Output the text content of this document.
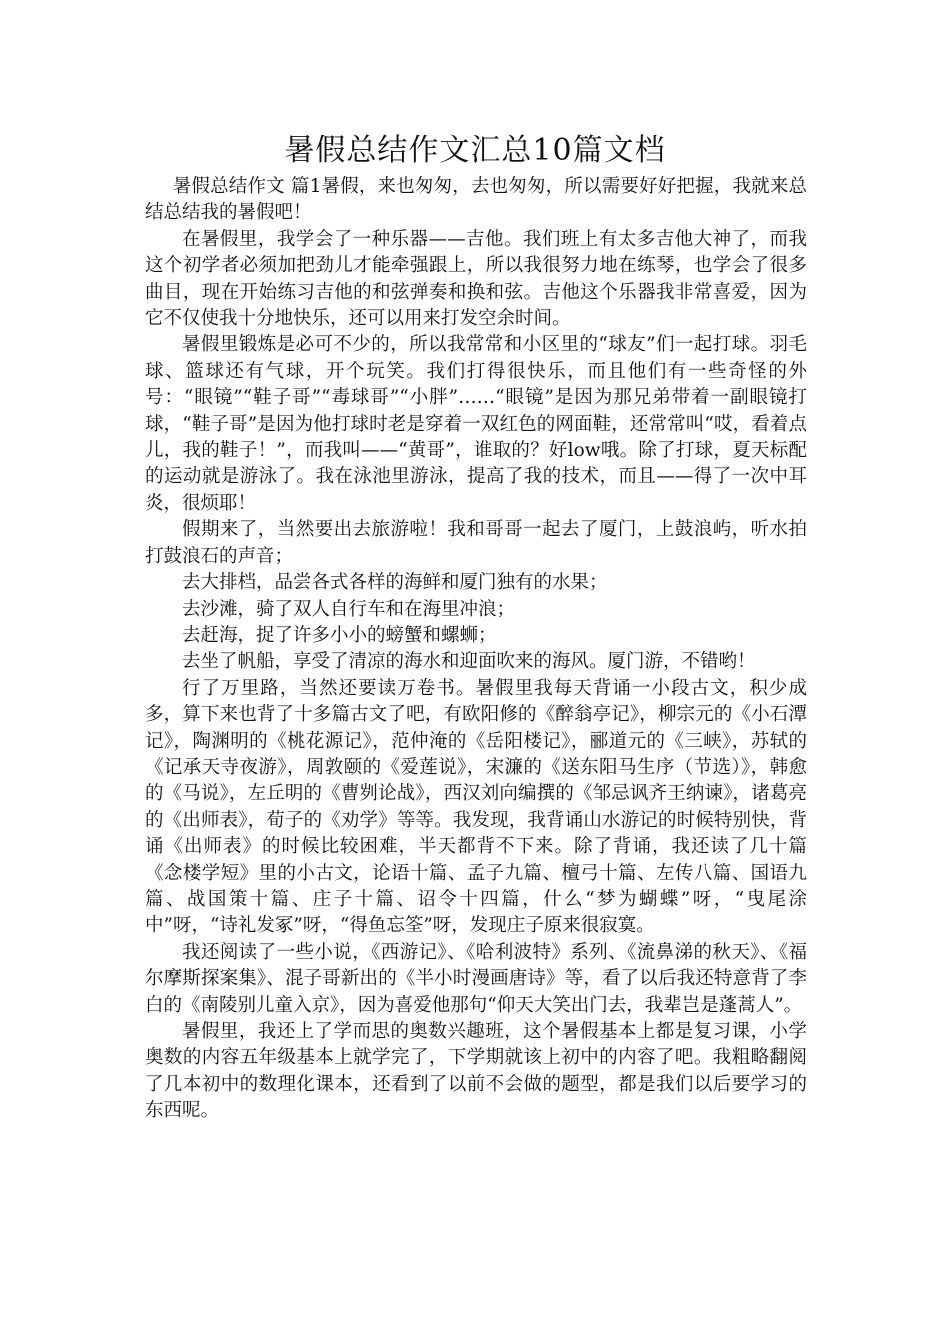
暑假总结作文汇总10篇文档

暑假总结作文 篇1暑假，来也匆匆，去也匆匆，所以需要好好把握，我就来总结总结我的暑假吧！

在暑假里，我学会了一种乐器——吉他。我们班上有太多吉他大神了，而我这个初学者必须加把劲儿才能牵强跟上，所以我很努力地在练琴，也学会了很多曲目，现在开始练习吉他的和弦弹奏和换和弦。吉他这个乐器我非常喜爱，因为它不仅使我十分地快乐，还可以用来打发空余时间。

暑假里锻炼是必可不少的，所以我常常和小区里的“球友”们一起打球。羽毛球、篮球还有气球，开个玩笑。我们打得很快乐，而且他们有一些奇怪的外号：“眼镜”“鞋子哥”“毒球哥”“小胖”……“眼镜”是因为那兄弟带着一副眼镜打球，“鞋子哥”是因为他打球时老是穿着一双红色的网面鞋，还常常叫“哎，看着点儿，我的鞋子！”，而我叫——“黄哥”，谁取的？好low哦。除了打球，夏天标配的运动就是游泳了。我在泳池里游泳，提高了我的技术，而且——得了一次中耳炎，很烦耶！

假期来了，当然要出去旅游啦！我和哥哥一起去了厦门，上鼓浪屿，听水拍打鼓浪石的声音；

去大排档，品尝各式各样的海鲜和厦门独有的水果；

去沙滩，骑了双人自行车和在海里冲浪；

去赶海，捉了许多小小的螃蟹和螺蛳；

去坐了帆船，享受了清凉的海水和迎面吹来的海风。厦门游，不错哟！

行了万里路，当然还要读万卷书。暑假里我每天背诵一小段古文，积少成多，算下来也背了十多篇古文了吧，有欧阳修的《醉翁亭记》，柳宗元的《小石潭记》，陶渊明的《桃花源记》，范仲淹的《岳阳楼记》，郦道元的《三峡》，苏轼的《记承天寺夜游》，周敦颐的《爱莲说》，宋濂的《送东阳马生序（节选）》，韩愈的《马说》，左丘明的《曹刿论战》，西汉刘向编撰的《邹忌讽齐王纳谏》，诸葛亮的《出师表》，荀子的《劝学》等等。我发现，我背诵山水游记的时候特别快，背诵《出师表》的时候比较困难，半天都背不下来。除了背诵，我还读了几十篇《念楼学短》里的小古文，论语十篇、孟子九篇、檀弓十篇、左传八篇、国语九篇、战国策十篇、庄子十篇、诏令十四篇，什么“梦为蝴蝶”呀，“曳尾涂中”呀，“诗礼发冢”呀，“得鱼忘筌”呀，发现庄子原来很寂寞。

我还阅读了一些小说，《西游记》、《哈利波特》系列、《流鼻涕的秋天》、《福尔摩斯探案集》、混子哥新出的《半小时漫画唐诗》等，看了以后我还特意背了李白的《南陵别儿童入京》，因为喜爱他那句“仰天大笑出门去，我辈岂是蓬蒿人”。

暑假里，我还上了学而思的奥数兴趣班，这个暑假基本上都是复习课，小学奥数的内容五年级基本上就学完了，下学期就该上初中的内容了吧。我粗略翻阅了几本初中的数理化课本，还看到了以前不会做的题型，都是我们以后要学习的东西呢。
